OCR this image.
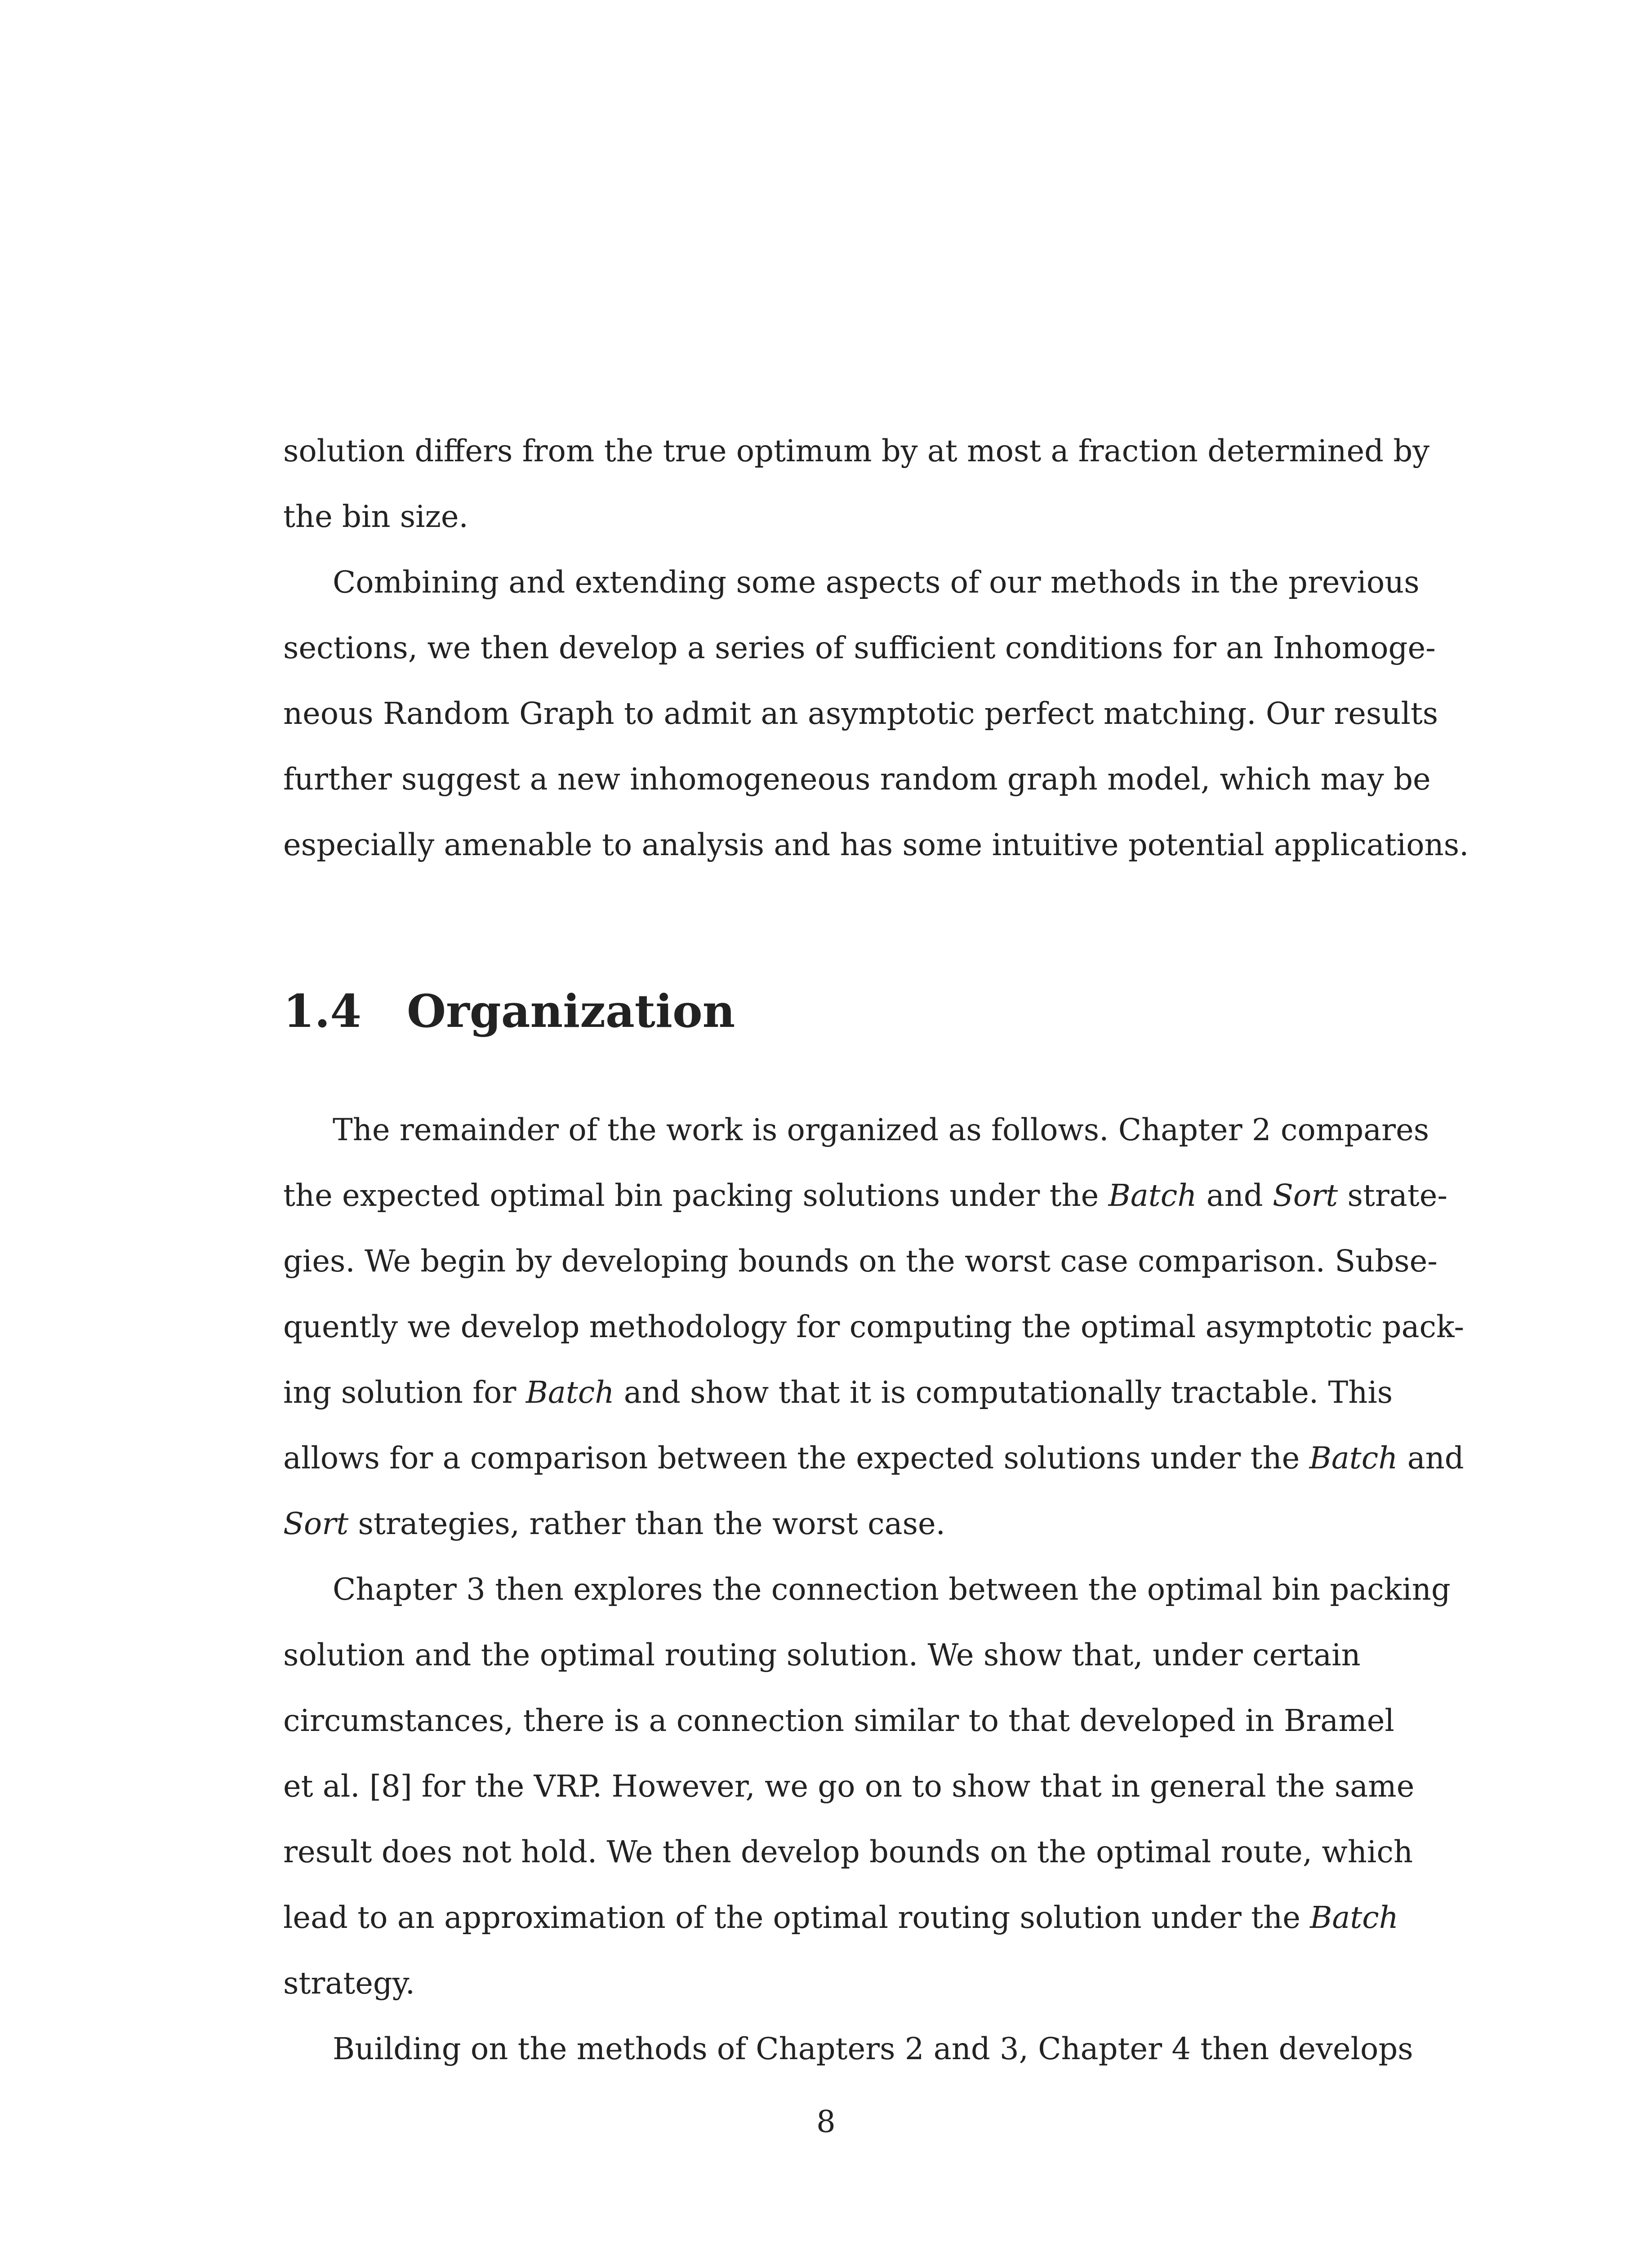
solution differs from the true optimum by at most a fraction determined by
the bin size.
Combining and extending some aspects of our methods in the previous
sections, we then develop a series of sufficient conditions for an Inhomoge-
neous Random Graph to admit an asymptotic perfect matching. Our results
further suggest a new inhomogeneous random graph model, which may be
especially amenable to analysis and has some intuitive potential applications.
1.4 Organization
The remainder of the work is organized as follows. Chapter 2 compares
the expected optimal bin packing solutions under the Batch and Sort strate-
gies. We begin by developing bounds on the worst case comparison. Subse-
quently we develop methodology for computing the optimal asymptotic pack-
ing solution for Batch and show that it is computationally tractable. This
allows for a comparison between the expected solutions under the Batch and
Sort strategies, rather than the worst case.
Chapter 3 then explores the connection between the optimal bin packing
solution and the optimal routing solution. We show that, under certain
circumstances, there is a connection similar to that developed in Bramel
et al. [8] for the VRP. However, we go on to show that in general the same
result does not hold. We then develop bounds on the optimal route, which
lead to an approximation of the optimal routing solution under the Batch
strategy.
Building on the methods of Chapters 2 and 3, Chapter 4 then develops
8
